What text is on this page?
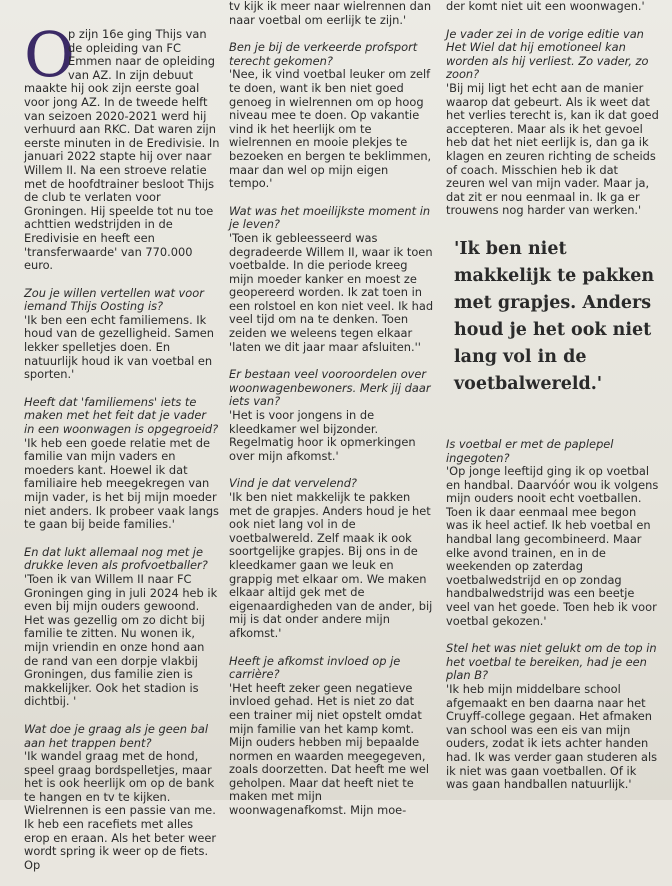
O
p zijn 16e ging Thijs van de opleiding van FC Emmen naar de opleiding van AZ. In zijn debuut maakte hij ook zijn eerste goal voor jong AZ. In de tweede helft van seizoen 2020-2021 werd hij verhuurd aan RKC. Dat waren zijn eerste minuten in de Eredivisie. In januari 2022 stapte hij over naar Willem II. Na een stroeve relatie met de hoofdtrainer besloot Thijs de club te verlaten voor Groningen. Hij speelde tot nu toe achttien wedstrijden in de Eredivisie en heeft een 'transferwaarde' van 770.000 euro.

Zou je willen vertellen wat voor iemand Thijs Oosting is?
'Ik ben een echt familiemens. Ik houd van de gezelligheid. Samen lekker spelletjes doen. En natuurlijk houd ik van voetbal en sporten.'

Heeft dat 'familiemens' iets te maken met het feit dat je vader in een woonwagen is opgegroeid?
'Ik heb een goede relatie met de familie van mijn vaders en moeders kant. Hoewel ik dat familiaire heb meegekregen van mijn vader, is het bij mijn moeder niet anders. Ik probeer vaak langs te gaan bij beide families.'

En dat lukt allemaal nog met je drukke leven als profvoetballer?
'Toen ik van Willem II naar FC Groningen ging in juli 2024 heb ik even bij mijn ouders gewoond. Het was gezellig om zo dicht bij familie te zitten. Nu wonen ik, mijn vriendin en onze hond aan de rand van een dorpje vlakbij Groningen, dus familie zien is makkelijker. Ook het stadion is dichtbij. '

Wat doe je graag als je geen bal aan het trappen bent?
'Ik wandel graag met de hond, speel graag bordspelletjes, maar het is ook heerlijk om op de bank te hangen en tv te kijken. Wielrennen is een passie van me. Ik heb een racefiets met alles erop en eraan. Als het beter weer wordt spring ik weer op de fiets. Op

tv kijk ik meer naar wielrennen dan naar voetbal om eerlijk te zijn.'

Ben je bij de verkeerde profsport terecht gekomen?
'Nee, ik vind voetbal leuker om zelf te doen, want ik ben niet goed genoeg in wielrennen om op hoog niveau mee te doen. Op vakantie vind ik het heerlijk om te wielrennen en mooie plekjes te bezoeken en bergen te beklimmen, maar dan wel op mijn eigen tempo.'

Wat was het moeilijkste moment in je leven?
'Toen ik gebleesseerd was degradeerde Willem II, waar ik toen voetbalde. In die periode kreeg mijn moeder kanker en moest ze geopereerd worden. Ik zat toen in een rolstoel en kon niet veel. Ik had veel tijd om na te denken. Toen zeiden we weleens tegen elkaar 'laten we dit jaar maar afsluiten.''

Er bestaan veel vooroordelen over woonwagenbewoners. Merk jij daar iets van?
'Het is voor jongens in de kleedkamer wel bijzonder. Regelmatig hoor ik opmerkingen over mijn afkomst.'

Vind je dat vervelend?
'Ik ben niet makkelijk te pakken met de grapjes. Anders houd je het ook niet lang vol in de voetbalwereld. Zelf maak ik ook soortgelijke grapjes. Bij ons in de kleedkamer gaan we leuk en grappig met elkaar om. We maken elkaar altijd gek met de eigenaardigheden van de ander, bij mij is dat onder andere mijn afkomst.'

Heeft je afkomst invloed op je carrière?
'Het heeft zeker geen negatieve invloed gehad. Het is niet zo dat een trainer mij niet opstelt omdat mijn familie van het kamp komt. Mijn ouders hebben mij bepaalde normen en waarden meegegeven, zoals doorzetten. Dat heeft me wel geholpen. Maar dat heeft niet te maken met mijn woonwagenafkomst. Mijn moe-

der komt niet uit een woonwagen.'

Je vader zei in de vorige editie van Het Wiel dat hij emotioneel kan worden als hij verliest. Zo vader, zo zoon?
'Bij mij ligt het echt aan de manier waarop dat gebeurt. Als ik weet dat het verlies terecht is, kan ik dat goed accepteren. Maar als ik het gevoel heb dat het niet eerlijk is, dan ga ik klagen en zeuren richting de scheids of coach. Misschien heb ik dat zeuren wel van mijn vader. Maar ja, dat zit er nou eenmaal in. Ik ga er trouwens nog harder van werken.'

'Ik ben niet makkelijk te pakken met grapjes. Anders houd je het ook niet lang vol in de voetbalwereld.'

Is voetbal er met de paplepel ingegoten?
'Op jonge leeftijd ging ik op voetbal en handbal. Daarvóór wou ik volgens mijn ouders nooit echt voetballen. Toen ik daar eenmaal mee begon was ik heel actief. Ik heb voetbal en handbal lang gecombineerd. Maar elke avond trainen, en in de weekenden op zaterdag voetbalwedstrijd en op zondag handbalwedstrijd was een beetje veel van het goede. Toen heb ik voor voetbal gekozen.'

Stel het was niet gelukt om de top in het voetbal te bereiken, had je een plan B?
'Ik heb mijn middelbare school afgemaakt en ben daarna naar het Cruyff-college gegaan. Het afmaken van school was een eis van mijn ouders, zodat ik iets achter handen had. Ik was verder gaan studeren als ik niet was gaan voetballen. Of ik was gaan handballen natuurlijk.'
